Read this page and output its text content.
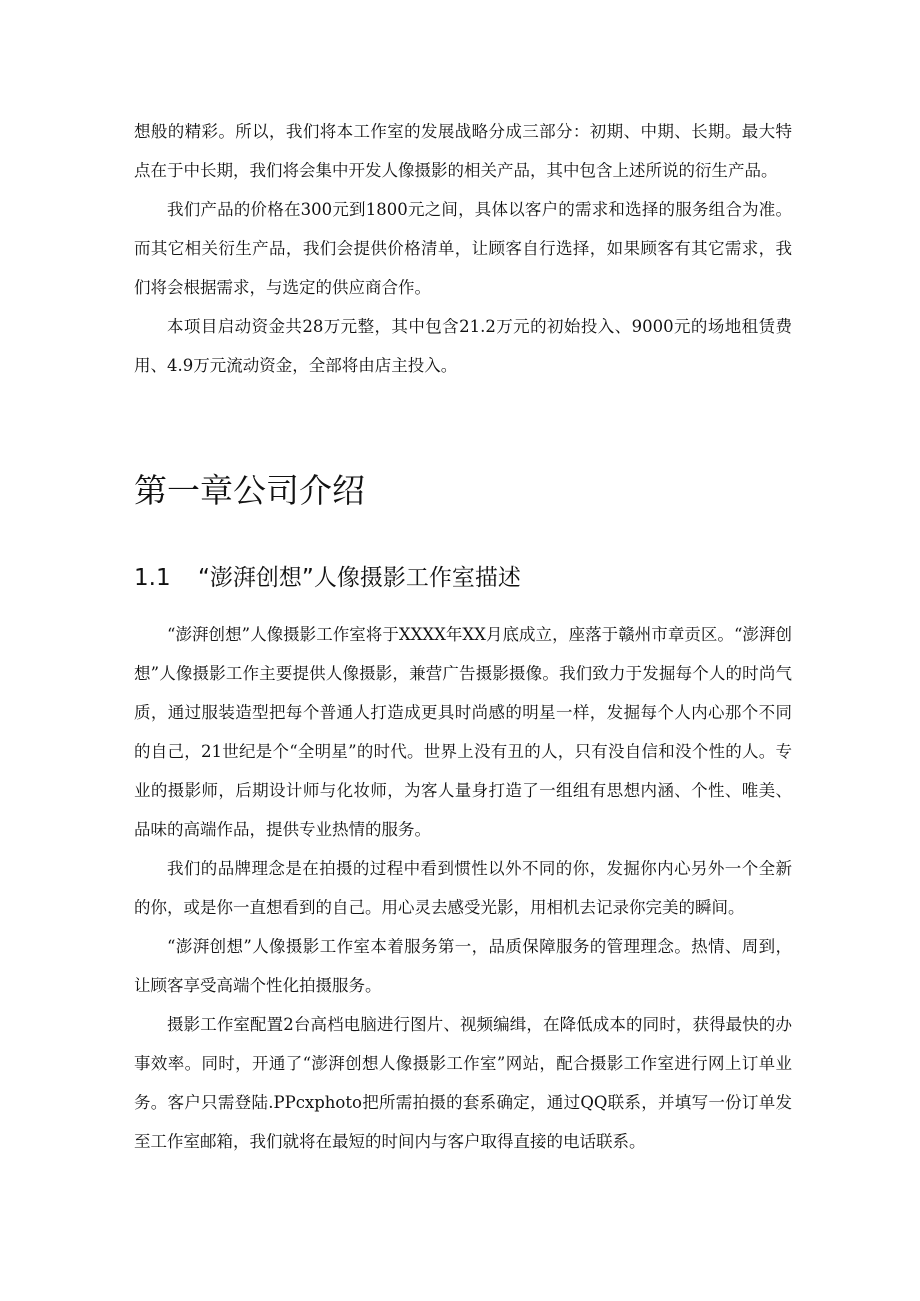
想般的精彩。所以，我们将本工作室的发展战略分成三部分：初期、中期、长期。最大特点在于中长期，我们将会集中开发人像摄影的相关产品，其中包含上述所说的衍生产品。

我们产品的价格在300元到1800元之间，具体以客户的需求和选择的服务组合为准。而其它相关衍生产品，我们会提供价格清单，让顾客自行选择，如果顾客有其它需求，我们将会根据需求，与选定的供应商合作。

本项目启动资金共28万元整，其中包含21.2万元的初始投入、9000元的场地租赁费用、4.9万元流动资金，全部将由店主投入。

第一章公司介绍
1.1	“澎湃创想”人像摄影工作室描述

“澎湃创想”人像摄影工作室将于XXXX年XX月底成立，座落于赣州市章贡区。“澎湃创想”人像摄影工作主要提供人像摄影，兼营广告摄影摄像。我们致力于发掘每个人的时尚气质，通过服装造型把每个普通人打造成更具时尚感的明星一样，发掘每个人内心那个不同的自己，21世纪是个“全明星”的时代。世界上没有丑的人，只有没自信和没个性的人。专业的摄影师，后期设计师与化妆师，为客人量身打造了一组组有思想内涵、个性、唯美、品味的高端作品，提供专业热情的服务。

我们的品牌理念是在拍摄的过程中看到惯性以外不同的你，发掘你内心另外一个全新的你，或是你一直想看到的自己。用心灵去感受光影，用相机去记录你完美的瞬间。

“澎湃创想”人像摄影工作室本着服务第一，品质保障服务的管理理念。热情、周到，让顾客享受高端个性化拍摄服务。

摄影工作室配置2台高档电脑进行图片、视频编缉，在降低成本的同时，获得最快的办事效率。同时，开通了“澎湃创想人像摄影工作室”网站，配合摄影工作室进行网上订单业务。客户只需登陆.PPcxphoto把所需拍摄的套系确定，通过QQ联系，并填写一份订单发至工作室邮箱，我们就将在最短的时间内与客户取得直接的电话联系。
